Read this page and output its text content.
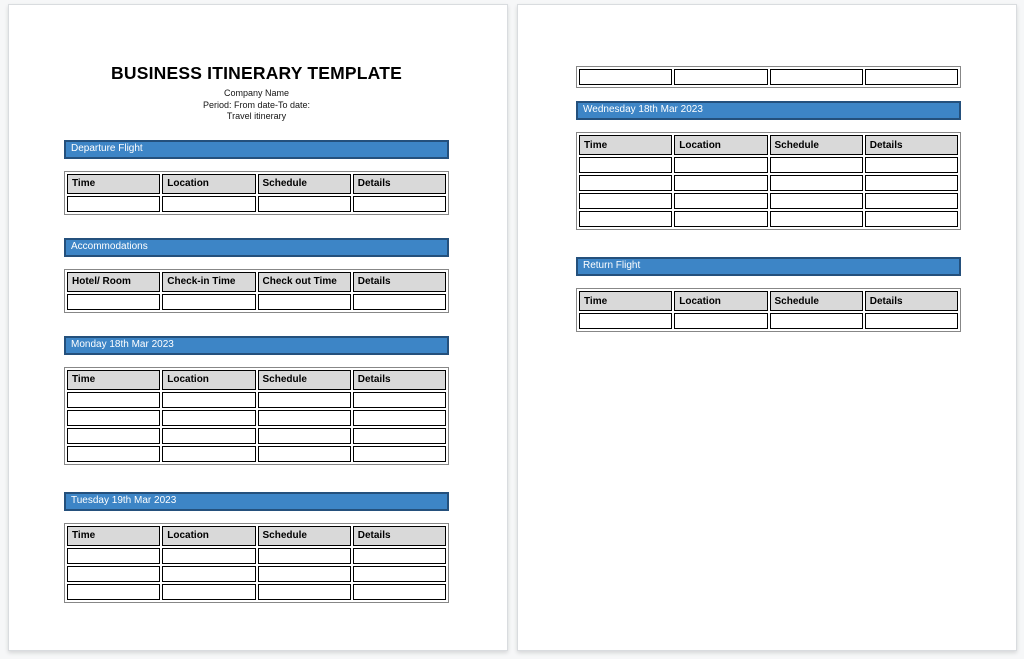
BUSINESS ITINERARY TEMPLATE
Company Name
Period: From date-To date:
Travel itinerary
Departure Flight
Time	Location	Schedule	Details

Accommodations
Hotel/ Room	Check-in Time	Check out Time	Details

Monday 18th Mar 2023
Time	Location	Schedule	Details

Tuesday 19th Mar 2023
Time	Location	Schedule	Details

Wednesday 18th Mar 2023
Time	Location	Schedule	Details

Return Flight
Time	Location	Schedule	Details
